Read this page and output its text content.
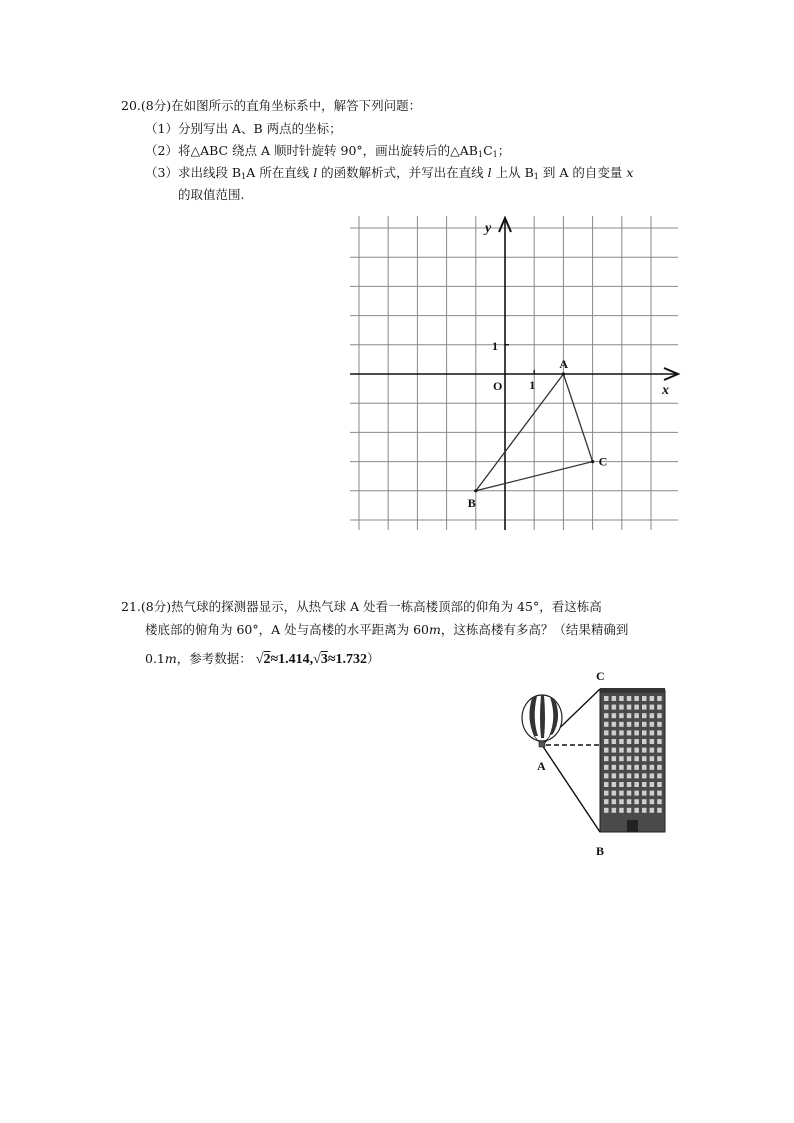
20.(8分)在如图所示的直角坐标系中，解答下列问题：
（1）分别写出 A、B 两点的坐标；
（2）将△ABC 绕点 A 顺时针旋转 90°，画出旋转后的$\triangle AB_1C_1$；
（3）求出线段 $B_1A$ 所在直线 l 的函数解析式，并写出在直线 l 上从 $B_1$ 到 A 的自变量 x
的取值范围.
y
x
O 1
1
A
B
C
21.(8分)热气球的探测器显示，从热气球 A 处看一栋高楼顶部的仰角为 45°，看这栋高
楼底部的俯角为 60°，A 处与高楼的水平距离为 60m，这栋高楼有多高？（结果精确到
0.1m，参考数据： √2≈1.414,√3≈1.732）
A
B
C
